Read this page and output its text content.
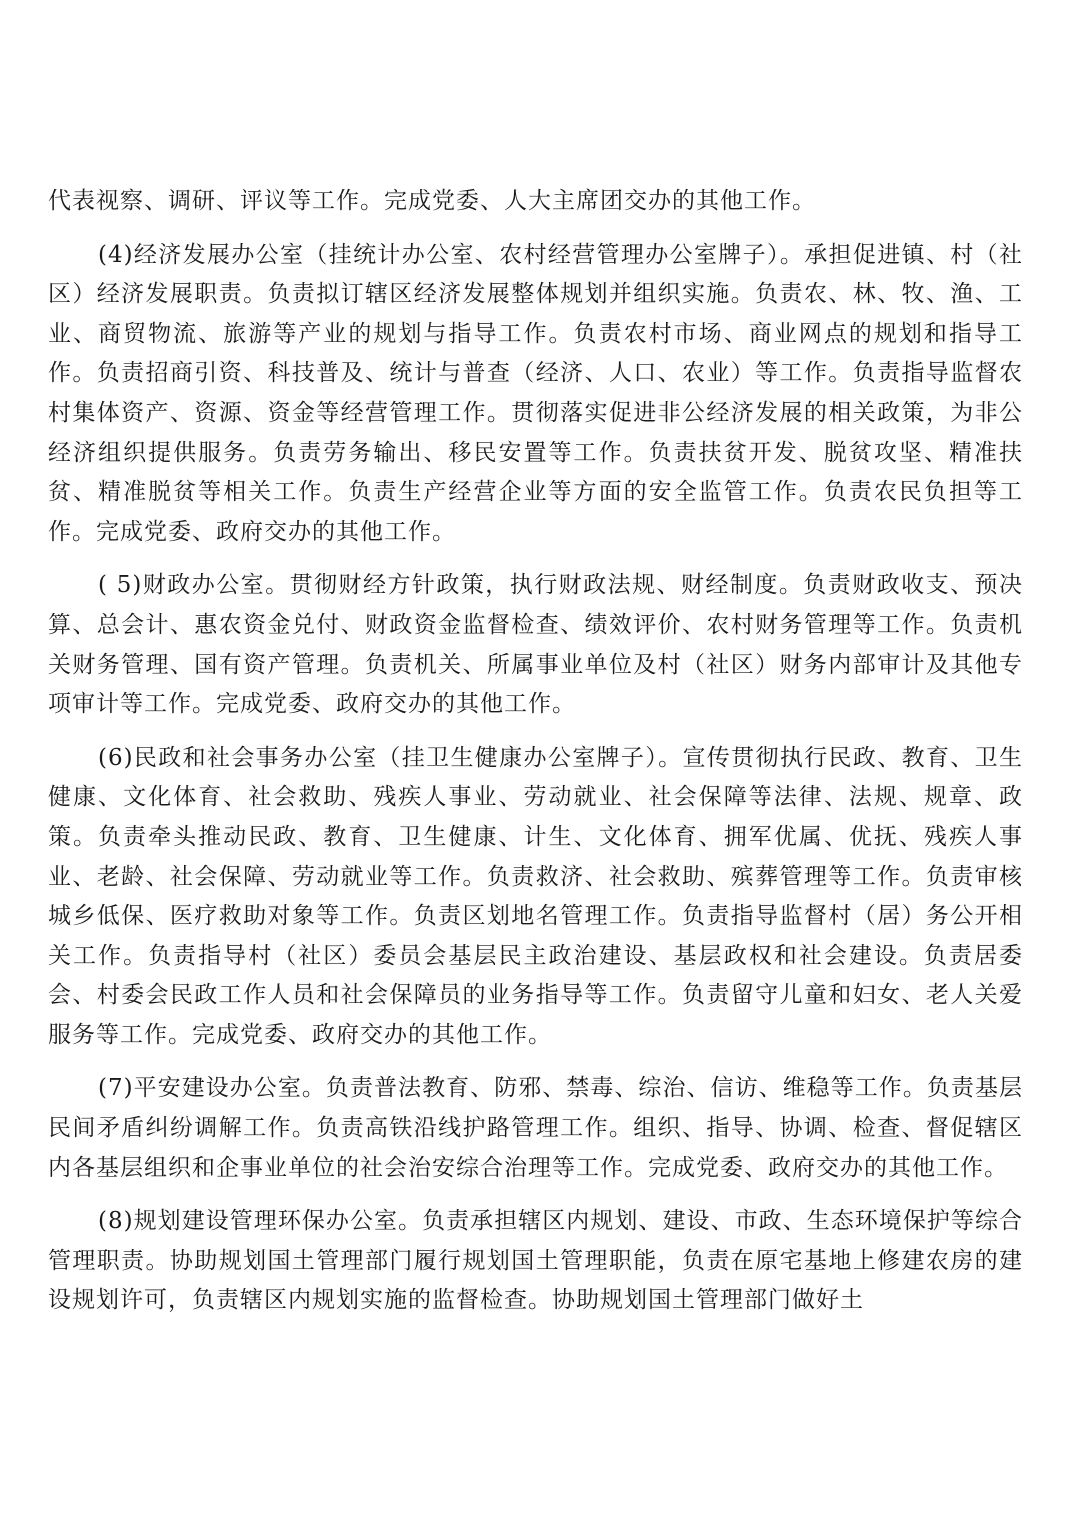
代表视察、调研、评议等工作。完成党委、人大主席团交办的其他工作。

(4)经济发展办公室（挂统计办公室、农村经营管理办公室牌子）。承担促进镇、村（社区）经济发展职责。负责拟订辖区经济发展整体规划并组织实施。负责农、林、牧、渔、工业、商贸物流、旅游等产业的规划与指导工作。负责农村市场、商业网点的规划和指导工作。负责招商引资、科技普及、统计与普查（经济、人口、农业）等工作。负责指导监督农村集体资产、资源、资金等经营管理工作。贯彻落实促进非公经济发展的相关政策，为非公经济组织提供服务。负责劳务输出、移民安置等工作。负责扶贫开发、脱贫攻坚、精准扶贫、精准脱贫等相关工作。负责生产经营企业等方面的安全监管工作。负责农民负担等工作。完成党委、政府交办的其他工作。

( 5)财政办公室。贯彻财经方针政策，执行财政法规、财经制度。负责财政收支、预决算、总会计、惠农资金兑付、财政资金监督检查、绩效评价、农村财务管理等工作。负责机关财务管理、国有资产管理。负责机关、所属事业单位及村（社区）财务内部审计及其他专项审计等工作。完成党委、政府交办的其他工作。

(6)民政和社会事务办公室（挂卫生健康办公室牌子）。宣传贯彻执行民政、教育、卫生健康、文化体育、社会救助、残疾人事业、劳动就业、社会保障等法律、法规、规章、政策。负责牵头推动民政、教育、卫生健康、计生、文化体育、拥军优属、优抚、残疾人事业、老龄、社会保障、劳动就业等工作。负责救济、社会救助、殡葬管理等工作。负责审核城乡低保、医疗救助对象等工作。负责区划地名管理工作。负责指导监督村（居）务公开相关工作。负责指导村（社区）委员会基层民主政治建设、基层政权和社会建设。负责居委会、村委会民政工作人员和社会保障员的业务指导等工作。负责留守儿童和妇女、老人关爱服务等工作。完成党委、政府交办的其他工作。

(7)平安建设办公室。负责普法教育、防邪、禁毒、综治、信访、维稳等工作。负责基层民间矛盾纠纷调解工作。负责高铁沿线护路管理工作。组织、指导、协调、检查、督促辖区内各基层组织和企事业单位的社会治安综合治理等工作。完成党委、政府交办的其他工作。

(8)规划建设管理环保办公室。负责承担辖区内规划、建设、市政、生态环境保护等综合管理职责。协助规划国土管理部门履行规划国土管理职能，负责在原宅基地上修建农房的建设规划许可，负责辖区内规划实施的监督检查。协助规划国土管理部门做好土
